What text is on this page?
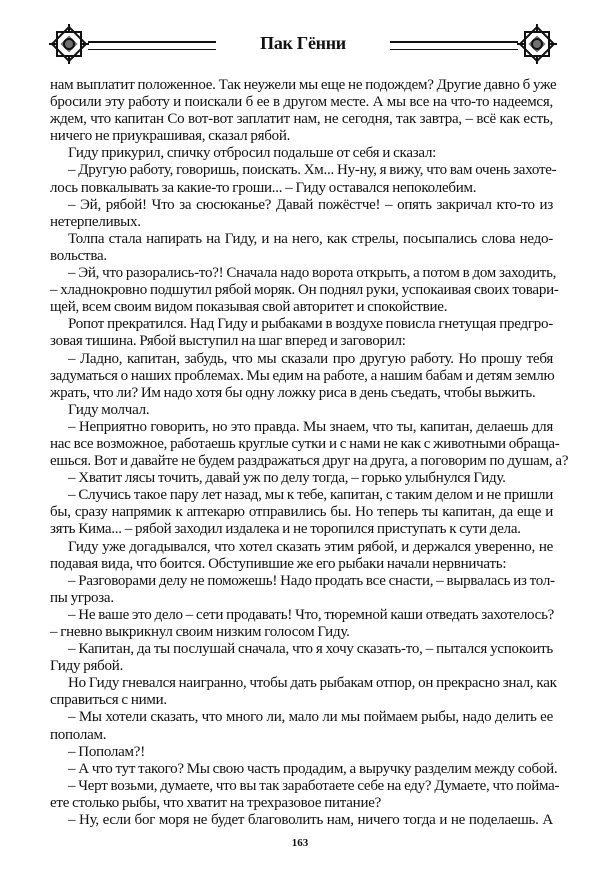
Пак Гённи
нам выплатит положенное. Так неужели мы еще не подождем? Другие давно б уже
бросили эту работу и поискали б ее в другом месте. А мы все на что-то надеемся,
ждем, что капитан Со вот-вот заплатит нам, не сегодня, так завтра, – всё как есть,
ничего не приукрашивая, сказал рябой.
Гиду прикурил, спичку отбросил подальше от себя и сказал:
– Другую работу, говоришь, поискать. Хм... Ну-ну, я вижу, что вам очень захоте-
лось повкалывать за какие-то гроши... – Гиду оставался непоколебим.
– Эй, рябой! Что за сюсюканье? Давай пожёстче! – опять закричал кто-то из
нетерпеливых.
Толпа стала напирать на Гиду, и на него, как стрелы, посыпались слова недо-
вольства.
– Эй, что разорались-то?! Сначала надо ворота открыть, а потом в дом заходить,
– хладнокровно подшутил рябой моряк. Он поднял руки, успокаивая своих товари-
щей, всем своим видом показывая свой авторитет и спокойствие.
Ропот прекратился. Над Гиду и рыбаками в воздухе повисла гнетущая предгро-
зовая тишина. Рябой выступил на шаг вперед и заговорил:
– Ладно, капитан, забудь, что мы сказали про другую работу. Но прошу тебя
задуматься о наших проблемах. Мы едим на работе, а нашим бабам и детям землю
жрать, что ли? Им надо хотя бы одну ложку риса в день съедать, чтобы выжить.
Гиду молчал.
– Неприятно говорить, но это правда. Мы знаем, что ты, капитан, делаешь для
нас все возможное, работаешь круглые сутки и с нами не как с животными обраща-
ешься. Вот и давайте не будем раздражаться друг на друга, а поговорим по душам, а?
– Хватит лясы точить, давай уж по делу тогда, – горько улыбнулся Гиду.
– Случись такое пару лет назад, мы к тебе, капитан, с таким делом и не пришли
бы, сразу напрямик к аптекарю отправились бы. Но теперь ты капитан, да еще и
зять Кима... – рябой заходил издалека и не торопился приступать к сути дела.
Гиду уже догадывался, что хотел сказать этим рябой, и держался уверенно, не
подавая вида, что боится. Обступившие же его рыбаки начали нервничать:
– Разговорами делу не поможешь! Надо продать все снасти, – вырвалась из тол-
пы угроза.
– Не ваше это дело – сети продавать! Что, тюремной каши отведать захотелось?
– гневно выкрикнул своим низким голосом Гиду.
– Капитан, да ты послушай сначала, что я хочу сказать-то, – пытался успокоить
Гиду рябой.
Но Гиду гневался наигранно, чтобы дать рыбакам отпор, он прекрасно знал, как
справиться с ними.
– Мы хотели сказать, что много ли, мало ли мы поймаем рыбы, надо делить ее
пополам.
– Пополам?!
– А что тут такого? Мы свою часть продадим, а выручку разделим между собой.
– Черт возьми, думаете, что вы так заработаете себе на еду? Думаете, что пойма-
ете столько рыбы, что хватит на трехразовое питание?
– Ну, если бог моря не будет благоволить нам, ничего тогда и не поделаешь. А
163
